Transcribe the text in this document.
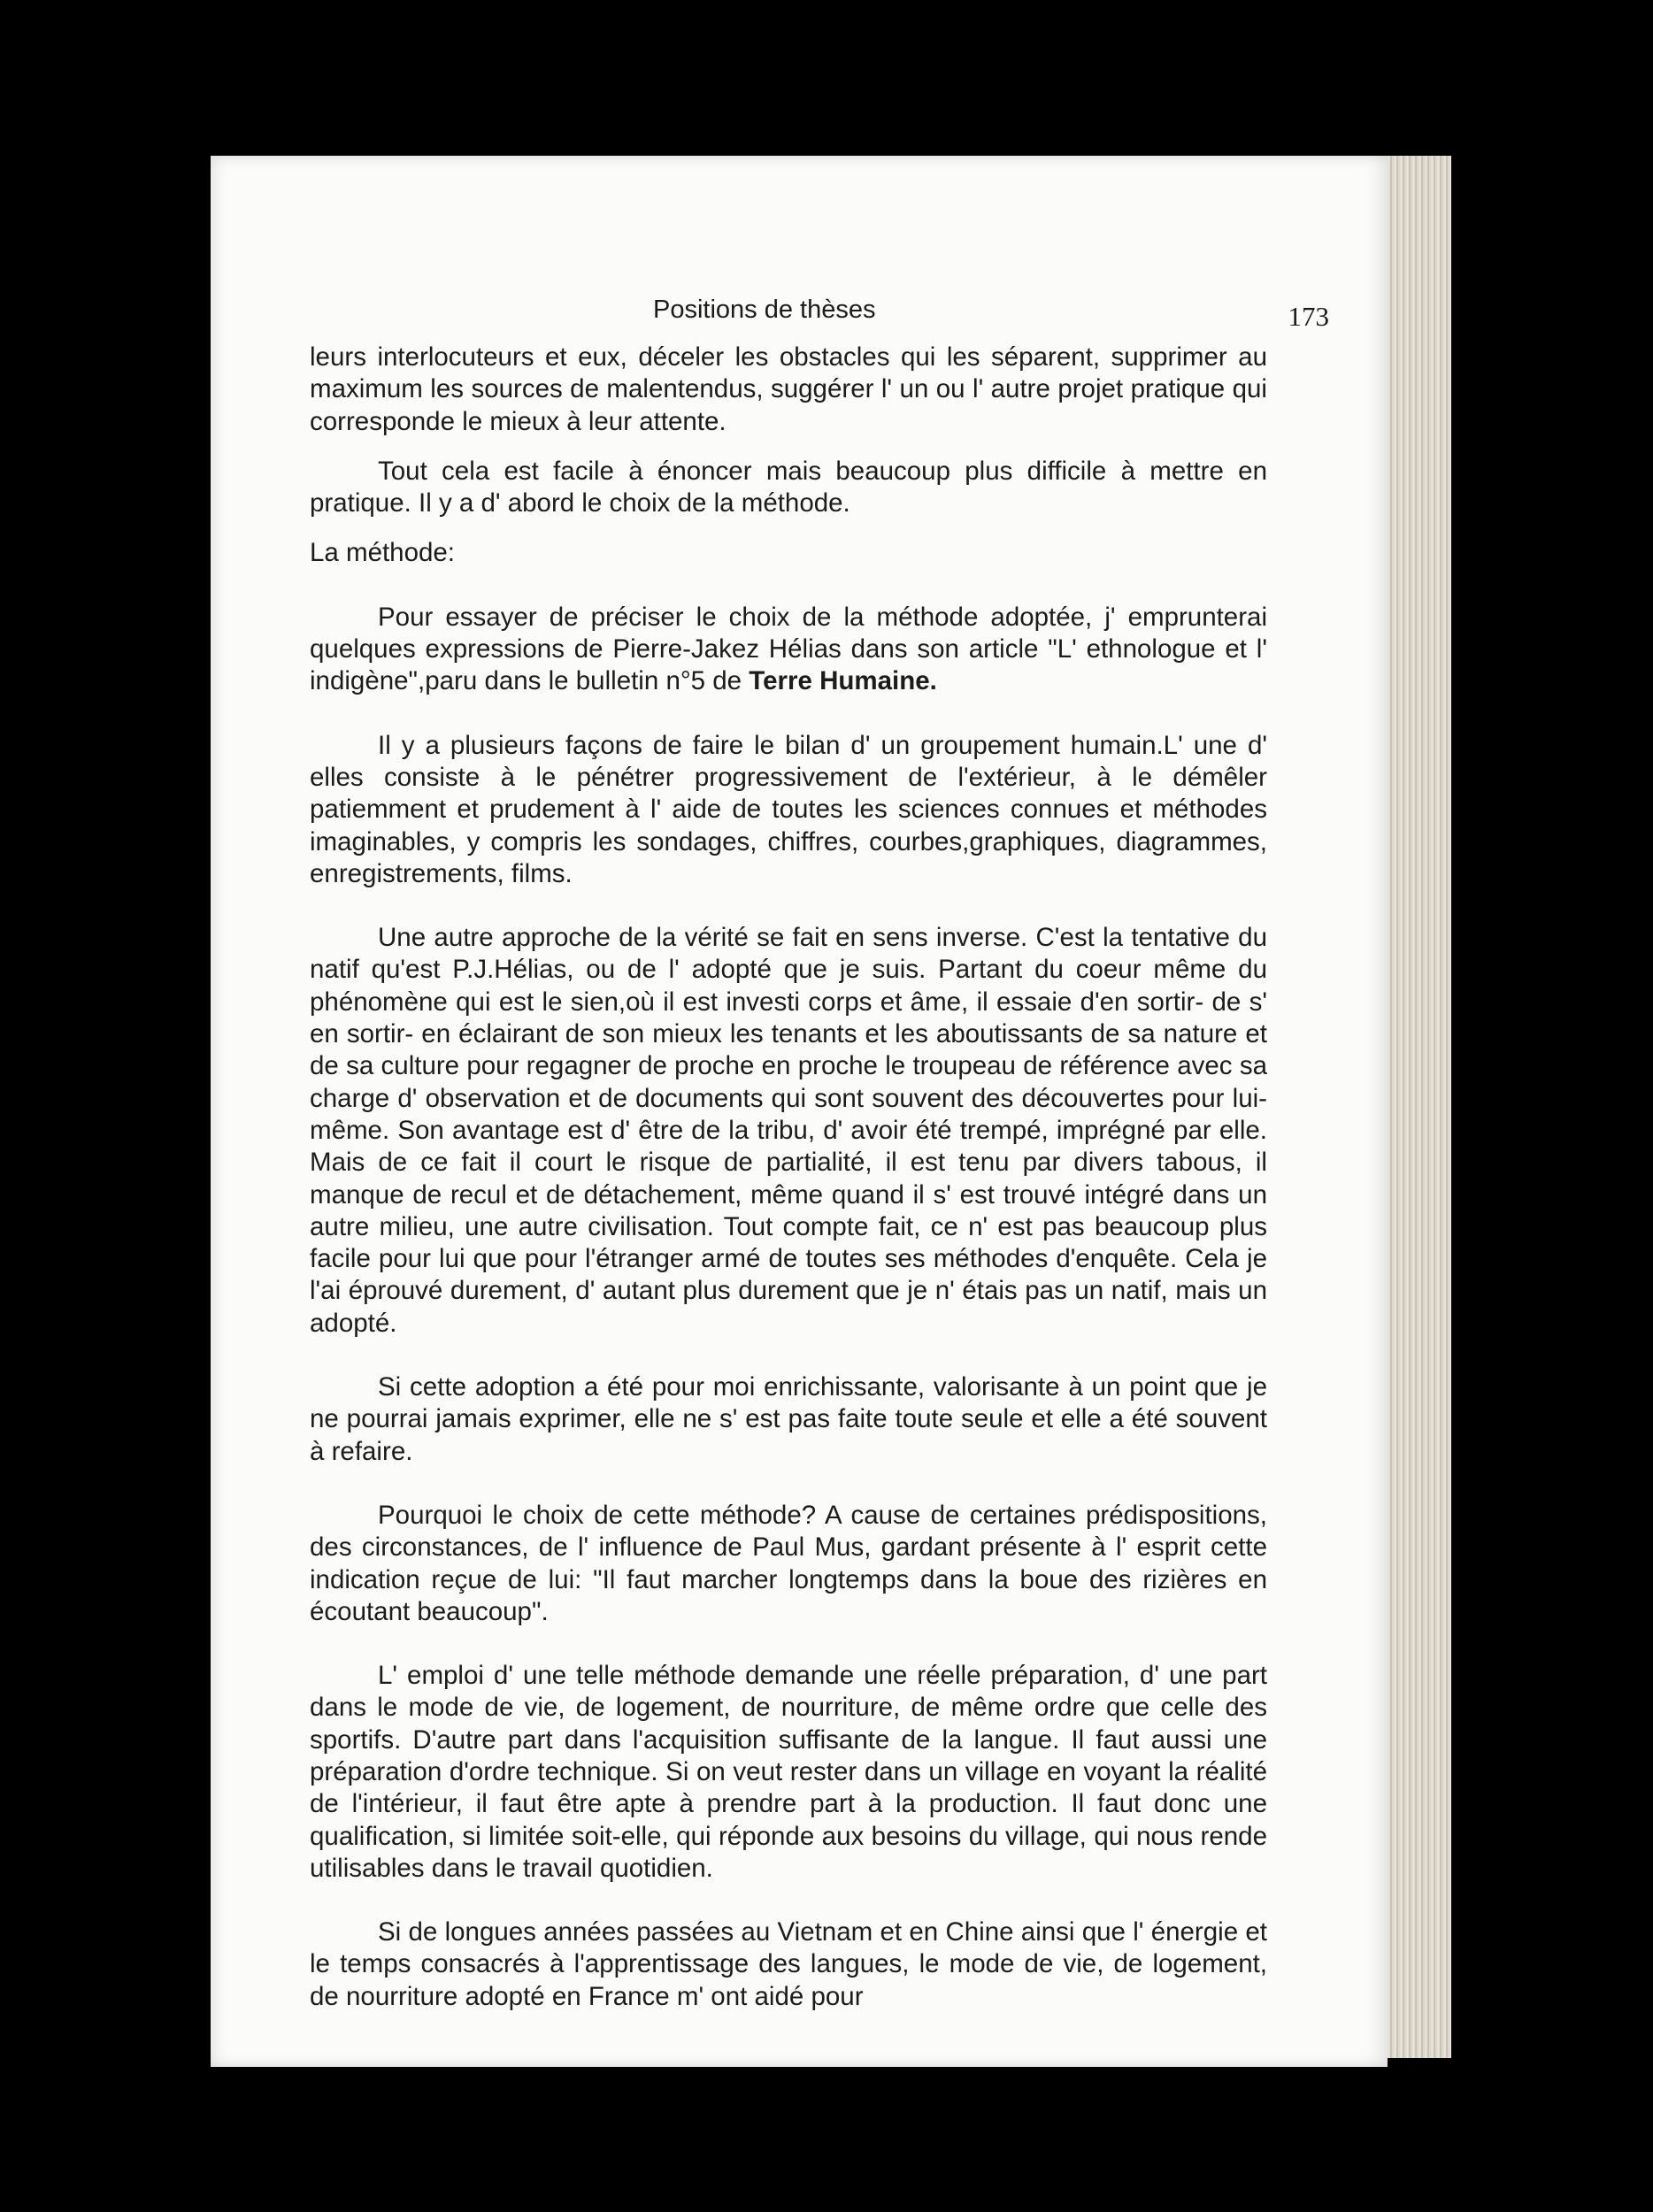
Positions de thèses	173

leurs interlocuteurs et eux, déceler les obstacles qui les séparent, supprimer au maximum les sources de malentendus, suggérer l' un ou l' autre projet pratique qui corresponde le mieux à leur attente.

Tout cela est facile à énoncer mais beaucoup plus difficile à mettre en pratique. Il y a d' abord le choix de la méthode.

La méthode:

Pour essayer de préciser le choix de la méthode adoptée, j' emprunterai quelques expressions de Pierre-Jakez Hélias dans son article "L' ethnologue et l' indigène",paru dans le bulletin n°5 de Terre Humaine.

Il y a plusieurs façons de faire le bilan d' un groupement humain.L' une d' elles consiste à le pénétrer progressivement de l'extérieur, à le démêler patiemment et prudement à l' aide de toutes les sciences connues et méthodes imaginables, y compris les sondages, chiffres, courbes,graphiques, diagrammes, enregistrements, films.

Une autre approche de la vérité se fait en sens inverse. C'est la tentative du natif qu'est P.J.Hélias, ou de l' adopté que je suis. Partant du coeur même du phénomène qui est le sien,où il est investi corps et âme, il essaie d'en sortir- de s' en sortir- en éclairant de son mieux les tenants et les aboutissants de sa nature et de sa culture pour regagner de proche en proche le troupeau de référence avec sa charge d' observation et de documents qui sont souvent des découvertes pour lui-même. Son avantage est d' être de la tribu, d' avoir été trempé, imprégné par elle. Mais de ce fait il court le risque de partialité, il est tenu par divers tabous, il manque de recul et de détachement, même quand il s' est trouvé intégré dans un autre milieu, une autre civilisation. Tout compte fait, ce n' est pas beaucoup plus facile pour lui que pour l'étranger armé de toutes ses méthodes d'enquête. Cela je l'ai éprouvé durement, d' autant plus durement que je n' étais pas un natif, mais un adopté.

Si cette adoption a été pour moi enrichissante, valorisante à un point que je ne pourrai jamais exprimer, elle ne s' est pas faite toute seule et elle a été souvent à refaire.

Pourquoi le choix de cette méthode? A cause de certaines prédispositions, des circonstances, de l' influence de Paul Mus, gardant présente à l' esprit cette indication reçue de lui: "Il faut marcher longtemps dans la boue des rizières en écoutant beaucoup".

L' emploi d' une telle méthode demande une réelle préparation, d' une part dans le mode de vie, de logement, de nourriture, de même ordre que celle des sportifs. D'autre part dans l'acquisition suffisante de la langue. Il faut aussi une préparation d'ordre technique. Si on veut rester dans un village en voyant la réalité de l'intérieur, il faut être apte à prendre part à la production. Il faut donc une qualification, si limitée soit-elle, qui réponde aux besoins du village, qui nous rende utilisables dans le travail quotidien.

Si de longues années passées au Vietnam et en Chine ainsi que l' énergie et le temps consacrés à l'apprentissage des langues, le mode de vie, de logement, de nourriture adopté en France m' ont aidé pour
